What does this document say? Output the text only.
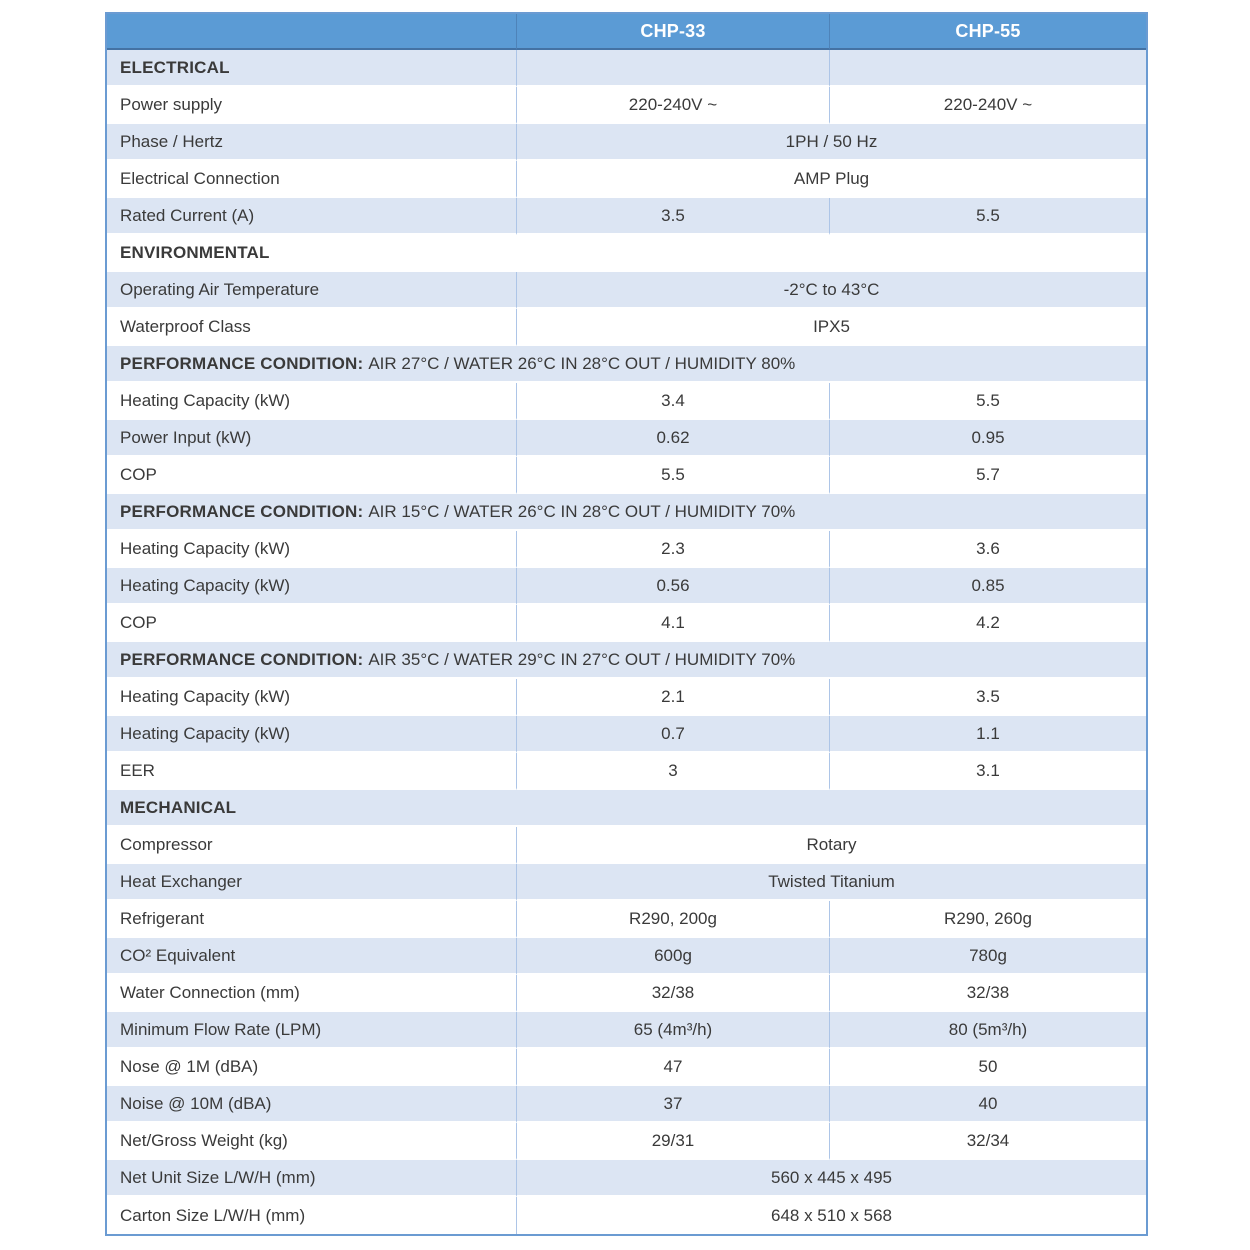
	CHP-33	CHP-55
ELECTRICAL		
Power supply	220-240V ~	220-240V ~
Phase / Hertz	1PH / 50 Hz	
Electrical Connection	AMP Plug	
Rated Current (A)	3.5	5.5
ENVIRONMENTAL		
Operating Air Temperature	-2°C to 43°C	
Waterproof Class	IPX5	
PERFORMANCE CONDITION: AIR 27°C / WATER 26°C IN 28°C OUT / HUMIDITY 80%		
Heating Capacity (kW)	3.4	5.5
Power Input (kW)	0.62	0.95
COP	5.5	5.7
PERFORMANCE CONDITION: AIR 15°C / WATER 26°C IN 28°C OUT / HUMIDITY 70%		
Heating Capacity (kW)	2.3	3.6
Heating Capacity (kW)	0.56	0.85
COP	4.1	4.2
PERFORMANCE CONDITION: AIR 35°C / WATER 29°C IN 27°C OUT / HUMIDITY 70%		
Heating Capacity (kW)	2.1	3.5
Heating Capacity (kW)	0.7	1.1
EER	3	3.1
MECHANICAL		
Compressor	Rotary	
Heat Exchanger	Twisted Titanium	
Refrigerant	R290, 200g	R290, 260g
CO² Equivalent	600g	780g
Water Connection (mm)	32/38	32/38
Minimum Flow Rate (LPM)	65 (4m³/h)	80 (5m³/h)
Nose @ 1M (dBA)	47	50
Noise @ 10M (dBA)	37	40
Net/Gross Weight (kg)	29/31	32/34
Net Unit Size L/W/H (mm)	560 x 445 x 495	
Carton Size L/W/H (mm)	648 x 510 x 568	
